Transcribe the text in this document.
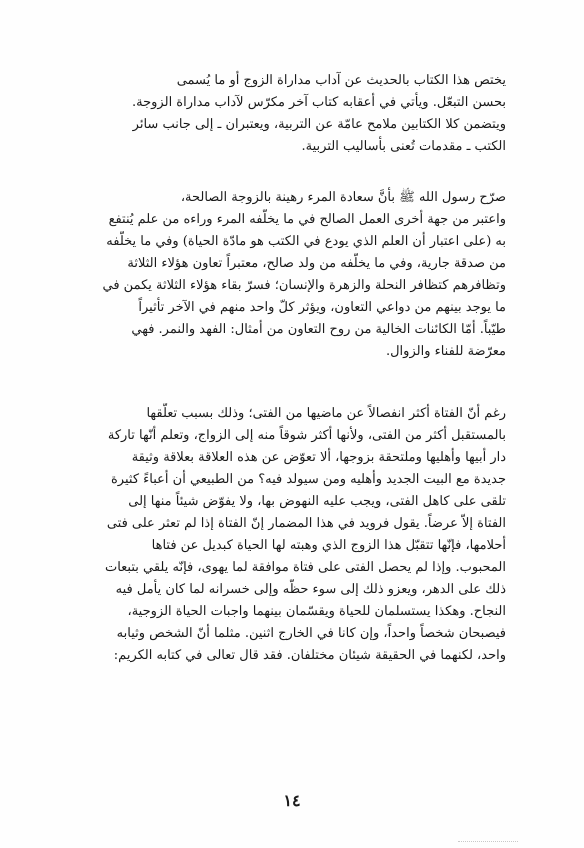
يختص هذا الكتاب بالحديث عن آداب مداراة الزوج أو ما يُسمى
بحسن التبعّل. ويأتي في أعقابه كتاب آخر مكرّس لآداب مداراة الزوجة.
ويتضمن كلا الكتابين ملامح عامّة عن التربية، ويعتبران ـ إلى جانب سائر
الكتب ـ مقدمات تُعنى بأساليب التربية.
صرّح رسول الله ﷺ بأنَّ سعادة المرء رهينة بالزوجة الصالحة،
واعتبر من جهة أخرى العمل الصالح في ما يخلّفه المرء وراءه من علم يُنتفع
به (على اعتبار أن العلم الذي يودع في الكتب هو مادّة الحياة) وفي ما يخلّفه
من صدقة جارية، وفي ما يخلّفه من ولد صالح، معتبراً تعاون هؤلاء الثلاثة
وتظافرهم كتظافر النحلة والزهرة والإنسان؛ فسرّ بقاء هؤلاء الثلاثة يكمن في
ما يوجد بينهم من دواعي التعاون، ويؤثر كلّ واحد منهم في الآخر تأثيراً
طيّباً. أمّا الكائنات الخالية من روح التعاون من أمثال: الفهد والنمر. فهي
معرّضة للفناء والزوال.
رغم أنّ الفتاة أكثر انفصالاً عن ماضيها من الفتى؛ وذلك بسبب تعلّقها
بالمستقبل أكثر من الفتى، ولأنها أكثر شوقاً منه إلى الزواج، وتعلم أنّها تاركة
دار أبيها وأهليها وملتحقة بزوجها، ألا تعوّض عن هذه العلاقة بعلاقة وثيقة
جديدة مع البيت الجديد وأهليه ومن سيولد فيه؟ من الطبيعي أن أعباءً كثيرة
تلقى على كاهل الفتى، ويجب عليه النهوض بها، ولا يفوّض شيئاً منها إلى
الفتاة إلاّ عرضاً. يقول فرويد في هذا المضمار إنّ الفتاة إذا لم تعثر على فتى
أحلامها، فإنّها تتقبّل هذا الزوج الذي وهبته لها الحياة كبديل عن فتاها
المحبوب. وإذا لم يحصل الفتى على فتاة موافقة لما يهوى، فإنّه يلقي بتبعات
ذلك على الدهر، ويعزو ذلك إلى سوء حظّه وإلى خسرانه لما كان يأمل فيه
النجاح. وهكذا يستسلمان للحياة ويقسّمان بينهما واجبات الحياة الزوجية،
فيصبحان شخصاً واحداً، وإن كانا في الخارج اثنين. مثلما أنّ الشخص وثيابه
واحد، لكنهما في الحقيقة شيئان مختلفان. فقد قال تعالى في كتابه الكريم:
١٤
